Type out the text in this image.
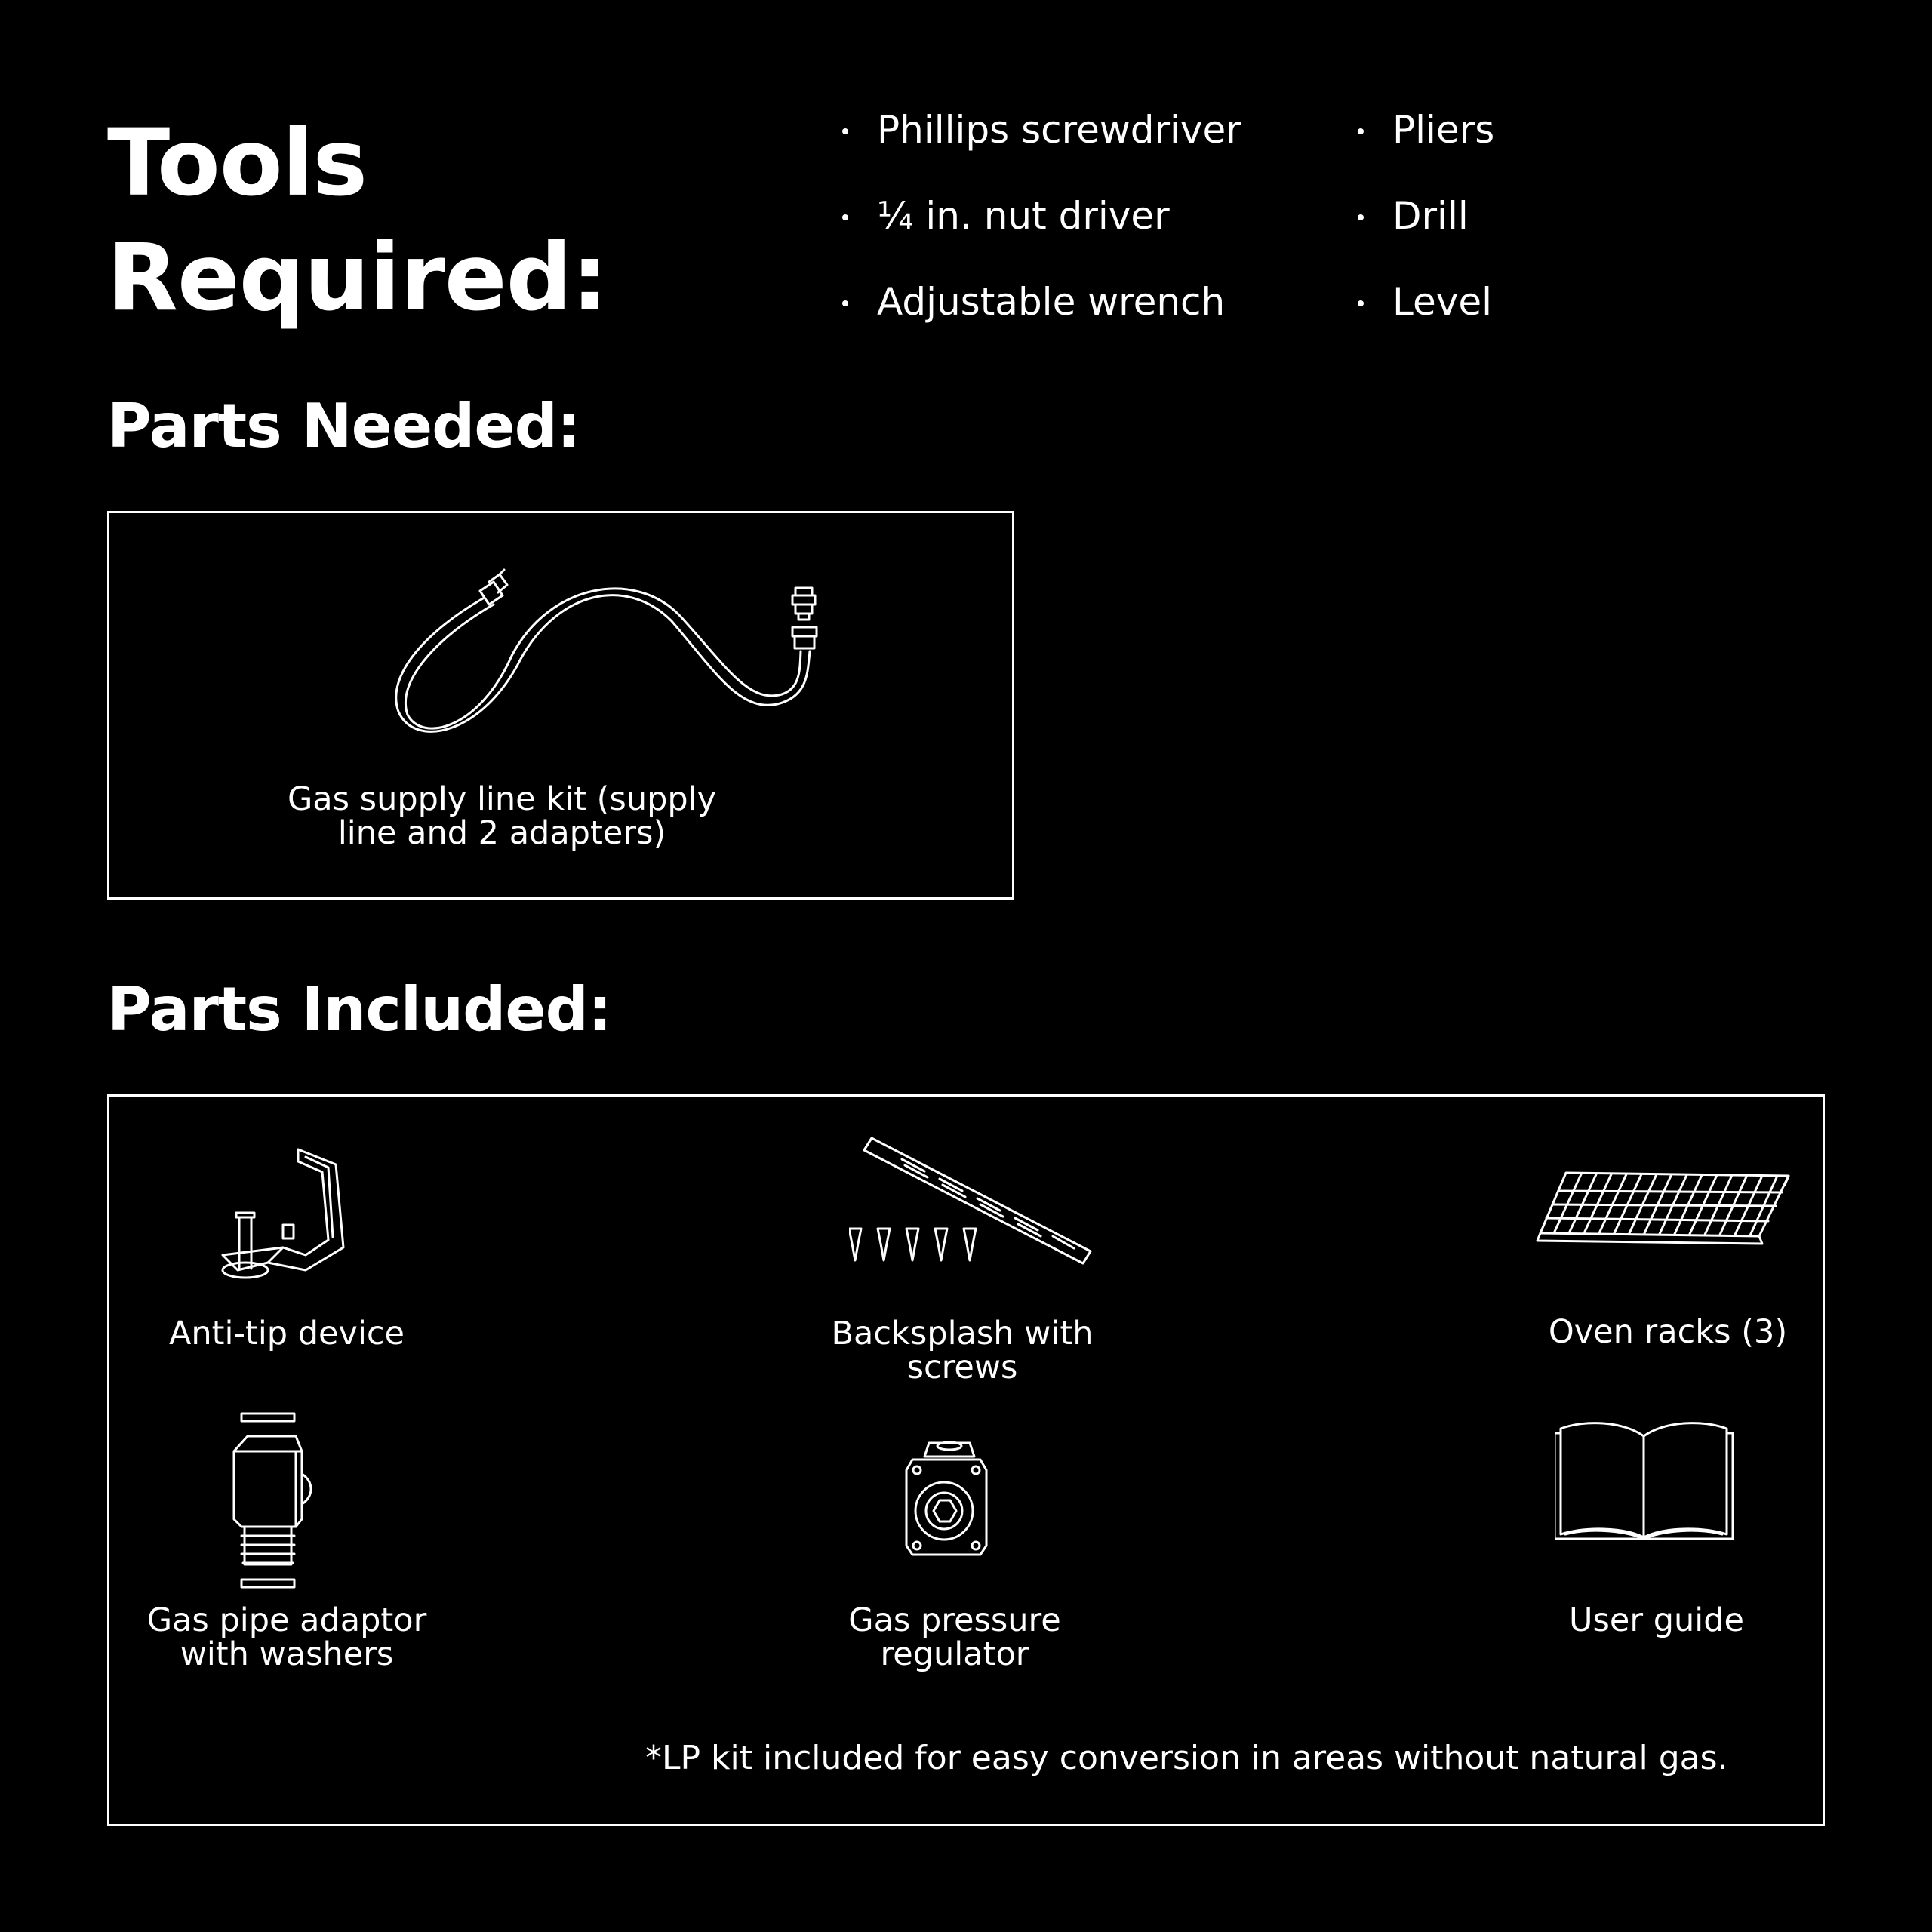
Tools Required:
Phillips screwdriver
¼ in. nut driver
Adjustable wrench
Pliers
Drill
Level
Parts Needed:
Gas supply line kit (supply
line and 2 adapters)
Parts Included:
Anti-tip device	Backsplash with
screws
Oven racks (3)
Gas pipe adaptor
with washers
Gas pressure
regulator
User guide
*LP kit included for easy conversion in areas without natural gas.
